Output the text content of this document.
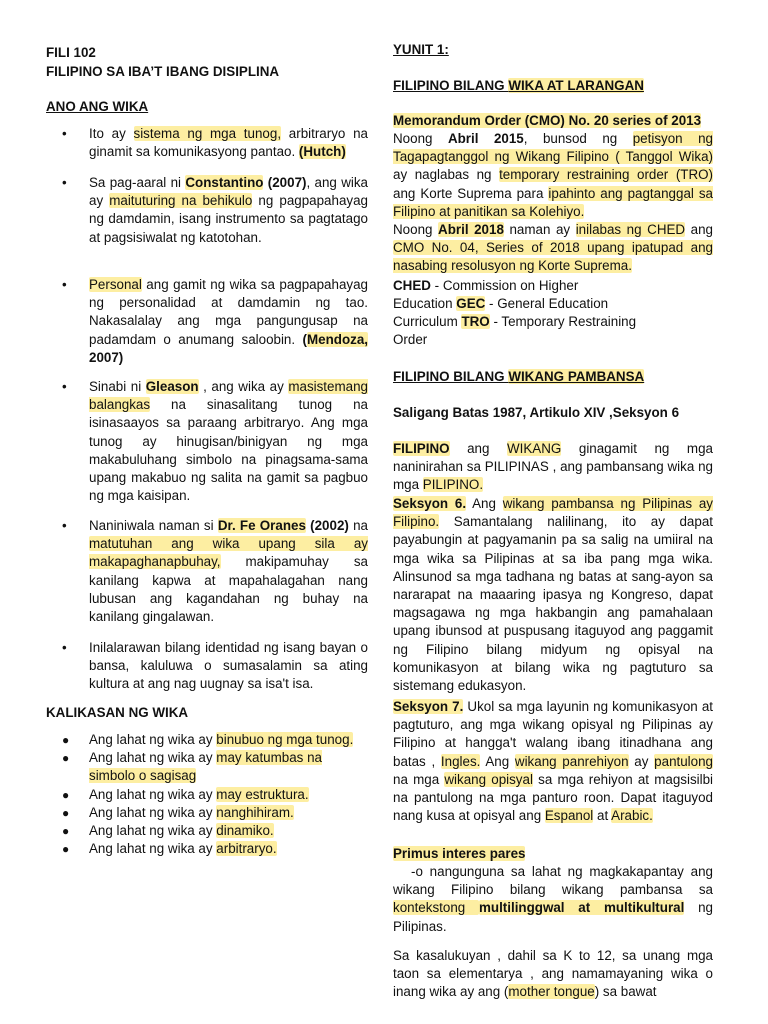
FILI 102

FILIPINO SA IBA’T IBANG DISIPLINA

ANO ANG WIKA

• Ito ay sistema ng mga tunog, arbitraryo na ginamit sa komunikasyong pantao. (Hutch)
• Sa pag-aaral ni Constantino (2007), ang wika ay maituturing na behikulo ng pagpapahayag ng damdamin, isang instrumento sa pagtatago at pagsisiwalat ng katotohan.
• Personal ang gamit ng wika sa pagpapahayag ng personalidad at damdamin ng tao. Nakasalalay ang mga pangungusap na padamdam o anumang saloobin. (Mendoza, 2007)
• Sinabi ni Gleason , ang wika ay masistemang balangkas na sinasalitang tunog na isinasaayos sa paraang arbitraryo. Ang mga tunog ay hinugisan/binigyan ng mga makabuluhang simbolo na pinagsama-sama upang makabuo ng salita na gamit sa pagbuo ng mga kaisipan.
• Naniniwala naman si Dr. Fe Oranes (2002) na matutuhan ang wika upang sila ay makapaghanapbuhay, makipamuhay sa kanilang kapwa at mapahalagahan nang lubusan ang kagandahan ng buhay na kanilang gingalawan.
• Inilalarawan bilang identidad ng isang bayan o bansa, kaluluwa o sumasalamin sa ating kultura at ang nag uugnay sa isa't isa.

KALIKASAN NG WIKA

● Ang lahat ng wika ay binubuo ng mga tunog.
● Ang lahat ng wika ay may katumbas na simbolo o sagisag
● Ang lahat ng wika ay may estruktura.
● Ang lahat ng wika ay nanghihiram.
● Ang lahat ng wika ay dinamiko.
● Ang lahat ng wika ay arbitraryo.

YUNIT 1:

FILIPINO BILANG WIKA AT LARANGAN

Memorandum Order (CMO) No. 20 series of 2013

Noong Abril 2015, bunsod ng petisyon ng Tagapagtanggol ng Wikang Filipino ( Tanggol Wika) ay naglabas ng temporary restraining order (TRO) ang Korte Suprema para ipahinto ang pagtanggal sa Filipino at panitikan sa Kolehiyo.

Noong Abril 2018 naman ay inilabas ng CHED ang CMO No. 04, Series of 2018 upang ipatupad ang nasabing resolusyon ng Korte Suprema.

CHED - Commission on Higher

Education GEC - General Education

Curriculum TRO - Temporary Restraining

Order

FILIPINO BILANG WIKANG PAMBANSA

Saligang Batas 1987, Artikulo XIV ,Seksyon 6

FILIPINO ang WIKANG ginagamit ng mga naninirahan sa PILIPINAS , ang pambansang wika ng mga PILIPINO.

Seksyon 6. Ang wikang pambansa ng Pilipinas ay Filipino. Samantalang nalilinang, ito ay dapat payabungin at pagyamanin pa sa salig na umiiral na mga wika sa Pilipinas at sa iba pang mga wika. Alinsunod sa mga tadhana ng batas at sang-ayon sa nararapat na maaaring ipasya ng Kongreso, dapat magsagawa ng mga hakbangin ang pamahalaan upang ibunsod at puspusang itaguyod ang paggamit ng Filipino bilang midyum ng opisyal na komunikasyon at bilang wika ng pagtuturo sa sistemang edukasyon.

Seksyon 7. Ukol sa mga layunin ng komunikasyon at pagtuturo, ang mga wikang opisyal ng Pilipinas ay Filipino at hangga't walang ibang itinadhana ang batas , Ingles. Ang wikang panrehiyon ay pantulong na mga wikang opisyal sa mga rehiyon at magsisilbi na pantulong na mga panturo roon. Dapat itaguyod nang kusa at opisyal ang Espanol at Arabic.

Primus interes pares

-o nangunguna sa lahat ng magkakapantay ang wikang Filipino bilang wikang pambansa sa kontekstong multilinggwal at multikultural ng Pilipinas.

Sa kasalukuyan , dahil sa K to 12, sa unang mga taon sa elementarya , ang namamayaning wika o inang wika ay ang (mother tongue) sa bawat
